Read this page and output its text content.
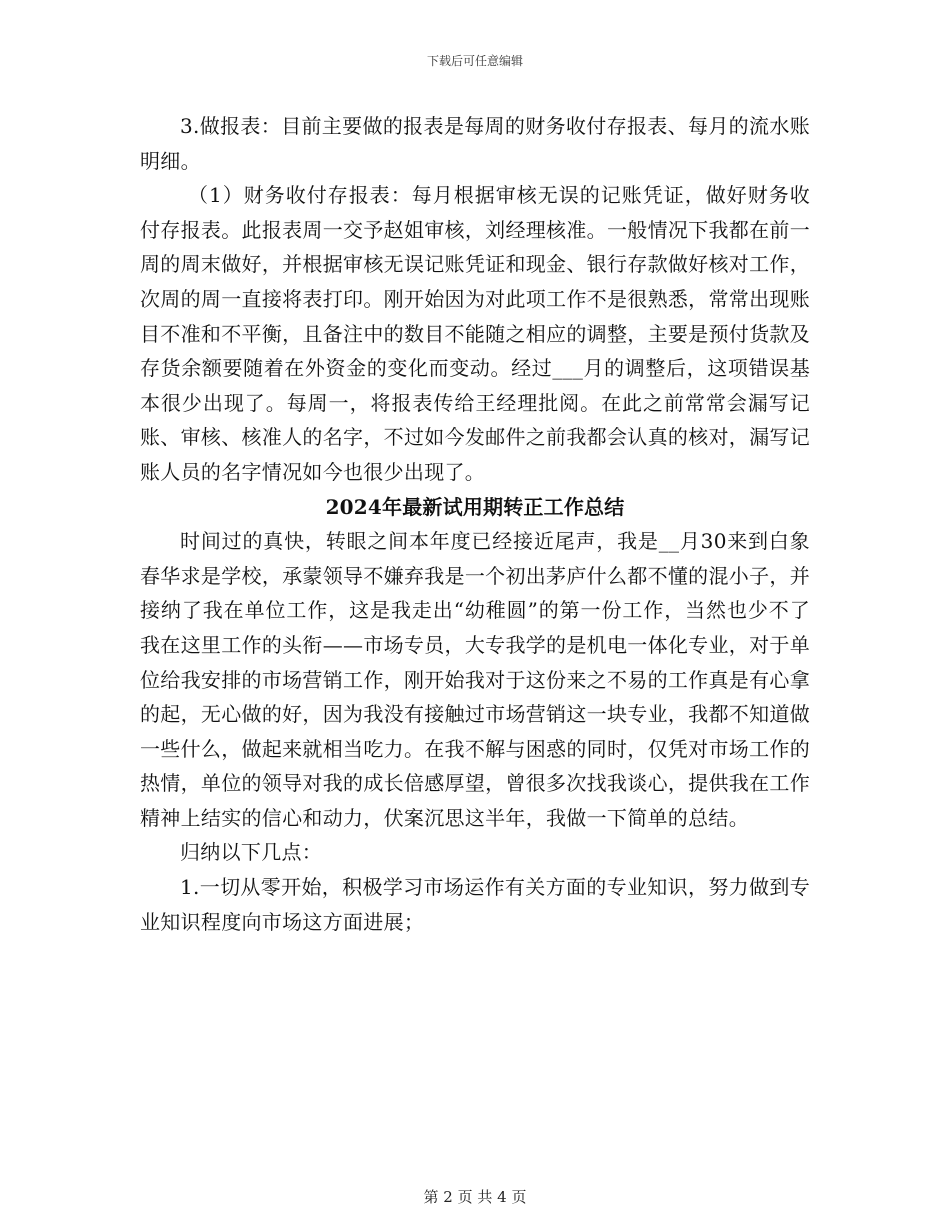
下载后可任意编辑

3.做报表：目前主要做的报表是每周的财务收付存报表、每月的流水账明细。

（1）财务收付存报表：每月根据审核无误的记账凭证，做好财务收付存报表。此报表周一交予赵姐审核，刘经理核准。一般情况下我都在前一周的周末做好，并根据审核无误记账凭证和现金、银行存款做好核对工作，次周的周一直接将表打印。刚开始因为对此项工作不是很熟悉，常常出现账目不准和不平衡，且备注中的数目不能随之相应的调整，主要是预付货款及存货余额要随着在外资金的变化而变动。经过___月的调整后，这项错误基本很少出现了。每周一，将报表传给王经理批阅。在此之前常常会漏写记账、审核、核准人的名字，不过如今发邮件之前我都会认真的核对，漏写记账人员的名字情况如今也很少出现了。

2024年最新试用期转正工作总结

时间过的真快，转眼之间本年度已经接近尾声，我是__月30来到白象春华求是学校，承蒙领导不嫌弃我是一个初出茅庐什么都不懂的混小子，并接纳了我在单位工作，这是我走出“幼稚圆”的第一份工作，当然也少不了我在这里工作的头衔——市场专员，大专我学的是机电一体化专业，对于单位给我安排的市场营销工作，刚开始我对于这份来之不易的工作真是有心拿的起，无心做的好，因为我没有接触过市场营销这一块专业，我都不知道做一些什么，做起来就相当吃力。在我不解与困惑的同时，仅凭对市场工作的热情，单位的领导对我的成长倍感厚望，曾很多次找我谈心，提供我在工作精神上结实的信心和动力，伏案沉思这半年，我做一下简单的总结。

归纳以下几点：

1.一切从零开始，积极学习市场运作有关方面的专业知识，努力做到专业知识程度向市场这方面进展；

第 2 页 共 4 页
